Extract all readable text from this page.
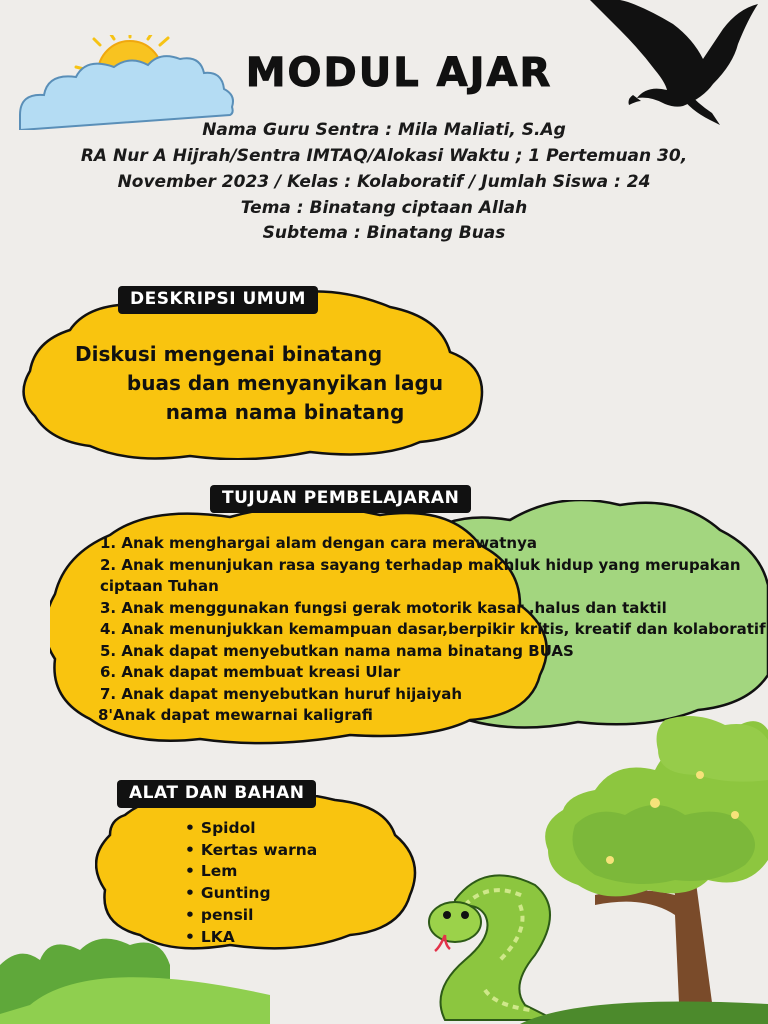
MODUL AJAR
Nama Guru Sentra : Mila Maliati, S.Ag
RA Nur A Hijrah/Sentra IMTAQ/Alokasi Waktu ; 1 Pertemuan 30,
November 2023 / Kelas : Kolaboratif / Jumlah Siswa : 24
Tema : Binatang ciptaan Allah
Subtema : Binatang Buas
DESKRIPSI UMUM
Diskusi mengenai binatang
buas dan menyanyikan lagu
nama nama binatang
TUJUAN PEMBELAJARAN
1. Anak menghargai alam dengan cara merawatnya
2. Anak menunjukan rasa sayang terhadap makhluk hidup yang merupakan
ciptaan Tuhan
3. Anak menggunakan fungsi gerak motorik kasar ,halus dan taktil
4. Anak menunjukkan kemampuan dasar,berpikir kritis, kreatif dan kolaboratif
5. Anak dapat menyebutkan nama nama binatang BUAS
6. Anak dapat membuat kreasi Ular
7. Anak dapat menyebutkan huruf hijaiyah
8'Anak dapat mewarnai kaligrafi
ALAT DAN BAHAN
• Spidol
• Kertas warna
• Lem
• Gunting
• pensil
• LKA
